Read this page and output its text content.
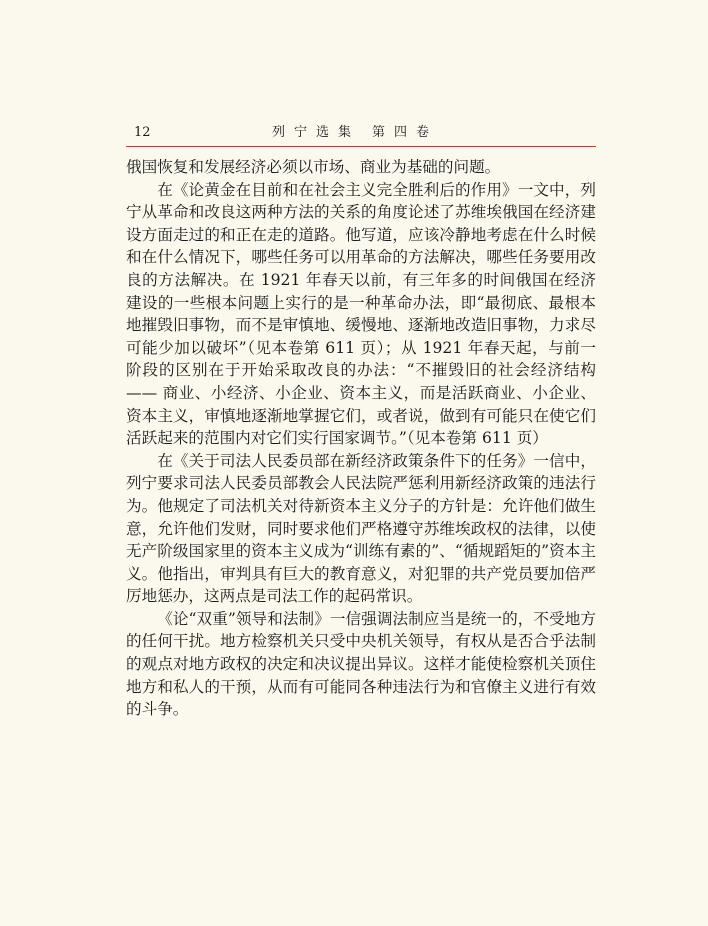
12	列宁选集 第四卷

俄国恢复和发展经济必须以市场、商业为基础的问题。

在《论黄金在目前和在社会主义完全胜利后的作用》一文中，列宁从革命和改良这两种方法的关系的角度论述了苏维埃俄国在经济建设方面走过的和正在走的道路。他写道，应该冷静地考虑在什么时候和在什么情况下，哪些任务可以用革命的方法解决，哪些任务要用改良的方法解决。在 1921 年春天以前，有三年多的时间俄国在经济建设的一些根本问题上实行的是一种革命办法，即“最彻底、最根本地摧毁旧事物，而不是审慎地、缓慢地、逐渐地改造旧事物，力求尽可能少加以破坏”（见本卷第 611 页）；从 1921 年春天起，与前一阶段的区别在于开始采取改良的办法：“不摧毁旧的社会经济结构—— 商业、小经济、小企业、资本主义，而是活跃商业、小企业、资本主义，审慎地逐渐地掌握它们，或者说，做到有可能只在使它们活跃起来的范围内对它们实行国家调节。”（见本卷第 611 页）

在《关于司法人民委员部在新经济政策条件下的任务》一信中，列宁要求司法人民委员部教会人民法院严惩利用新经济政策的违法行为。他规定了司法机关对待新资本主义分子的方针是：允许他们做生意，允许他们发财，同时要求他们严格遵守苏维埃政权的法律，以使无产阶级国家里的资本主义成为“训练有素的”、“循规蹈矩的”资本主义。他指出，审判具有巨大的教育意义，对犯罪的共产党员要加倍严厉地惩办，这两点是司法工作的起码常识。

《论“双重”领导和法制》一信强调法制应当是统一的，不受地方的任何干扰。地方检察机关只受中央机关领导，有权从是否合乎法制的观点对地方政权的决定和决议提出异议。这样才能使检察机关顶住地方和私人的干预，从而有可能同各种违法行为和官僚主义进行有效的斗争。
